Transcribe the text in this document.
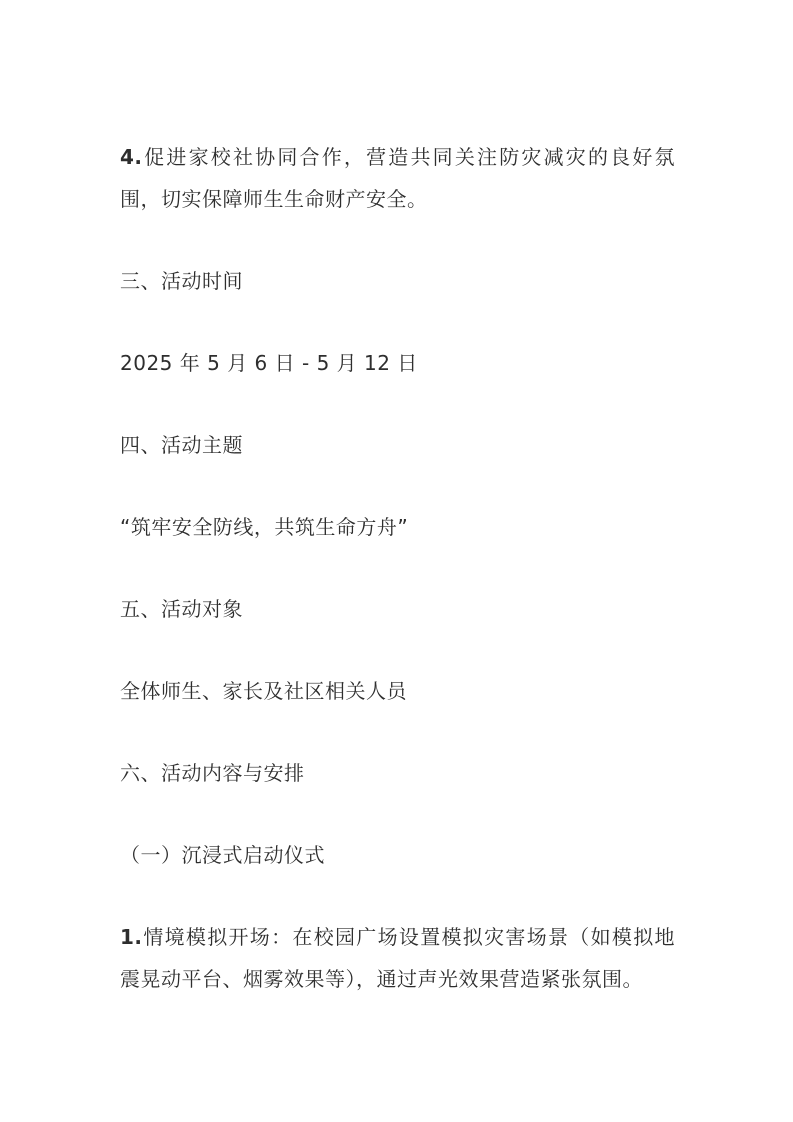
4.促进家校社协同合作，营造共同关注防灾减灾的良好氛围，切实保障师生生命财产安全。

三、活动时间

2025 年 5 月 6 日 - 5 月 12 日

四、活动主题

“筑牢安全防线，共筑生命方舟”

五、活动对象

全体师生、家长及社区相关人员

六、活动内容与安排

（一）沉浸式启动仪式

1.情境模拟开场：在校园广场设置模拟灾害场景（如模拟地震晃动平台、烟雾效果等），通过声光效果营造紧张氛围。
